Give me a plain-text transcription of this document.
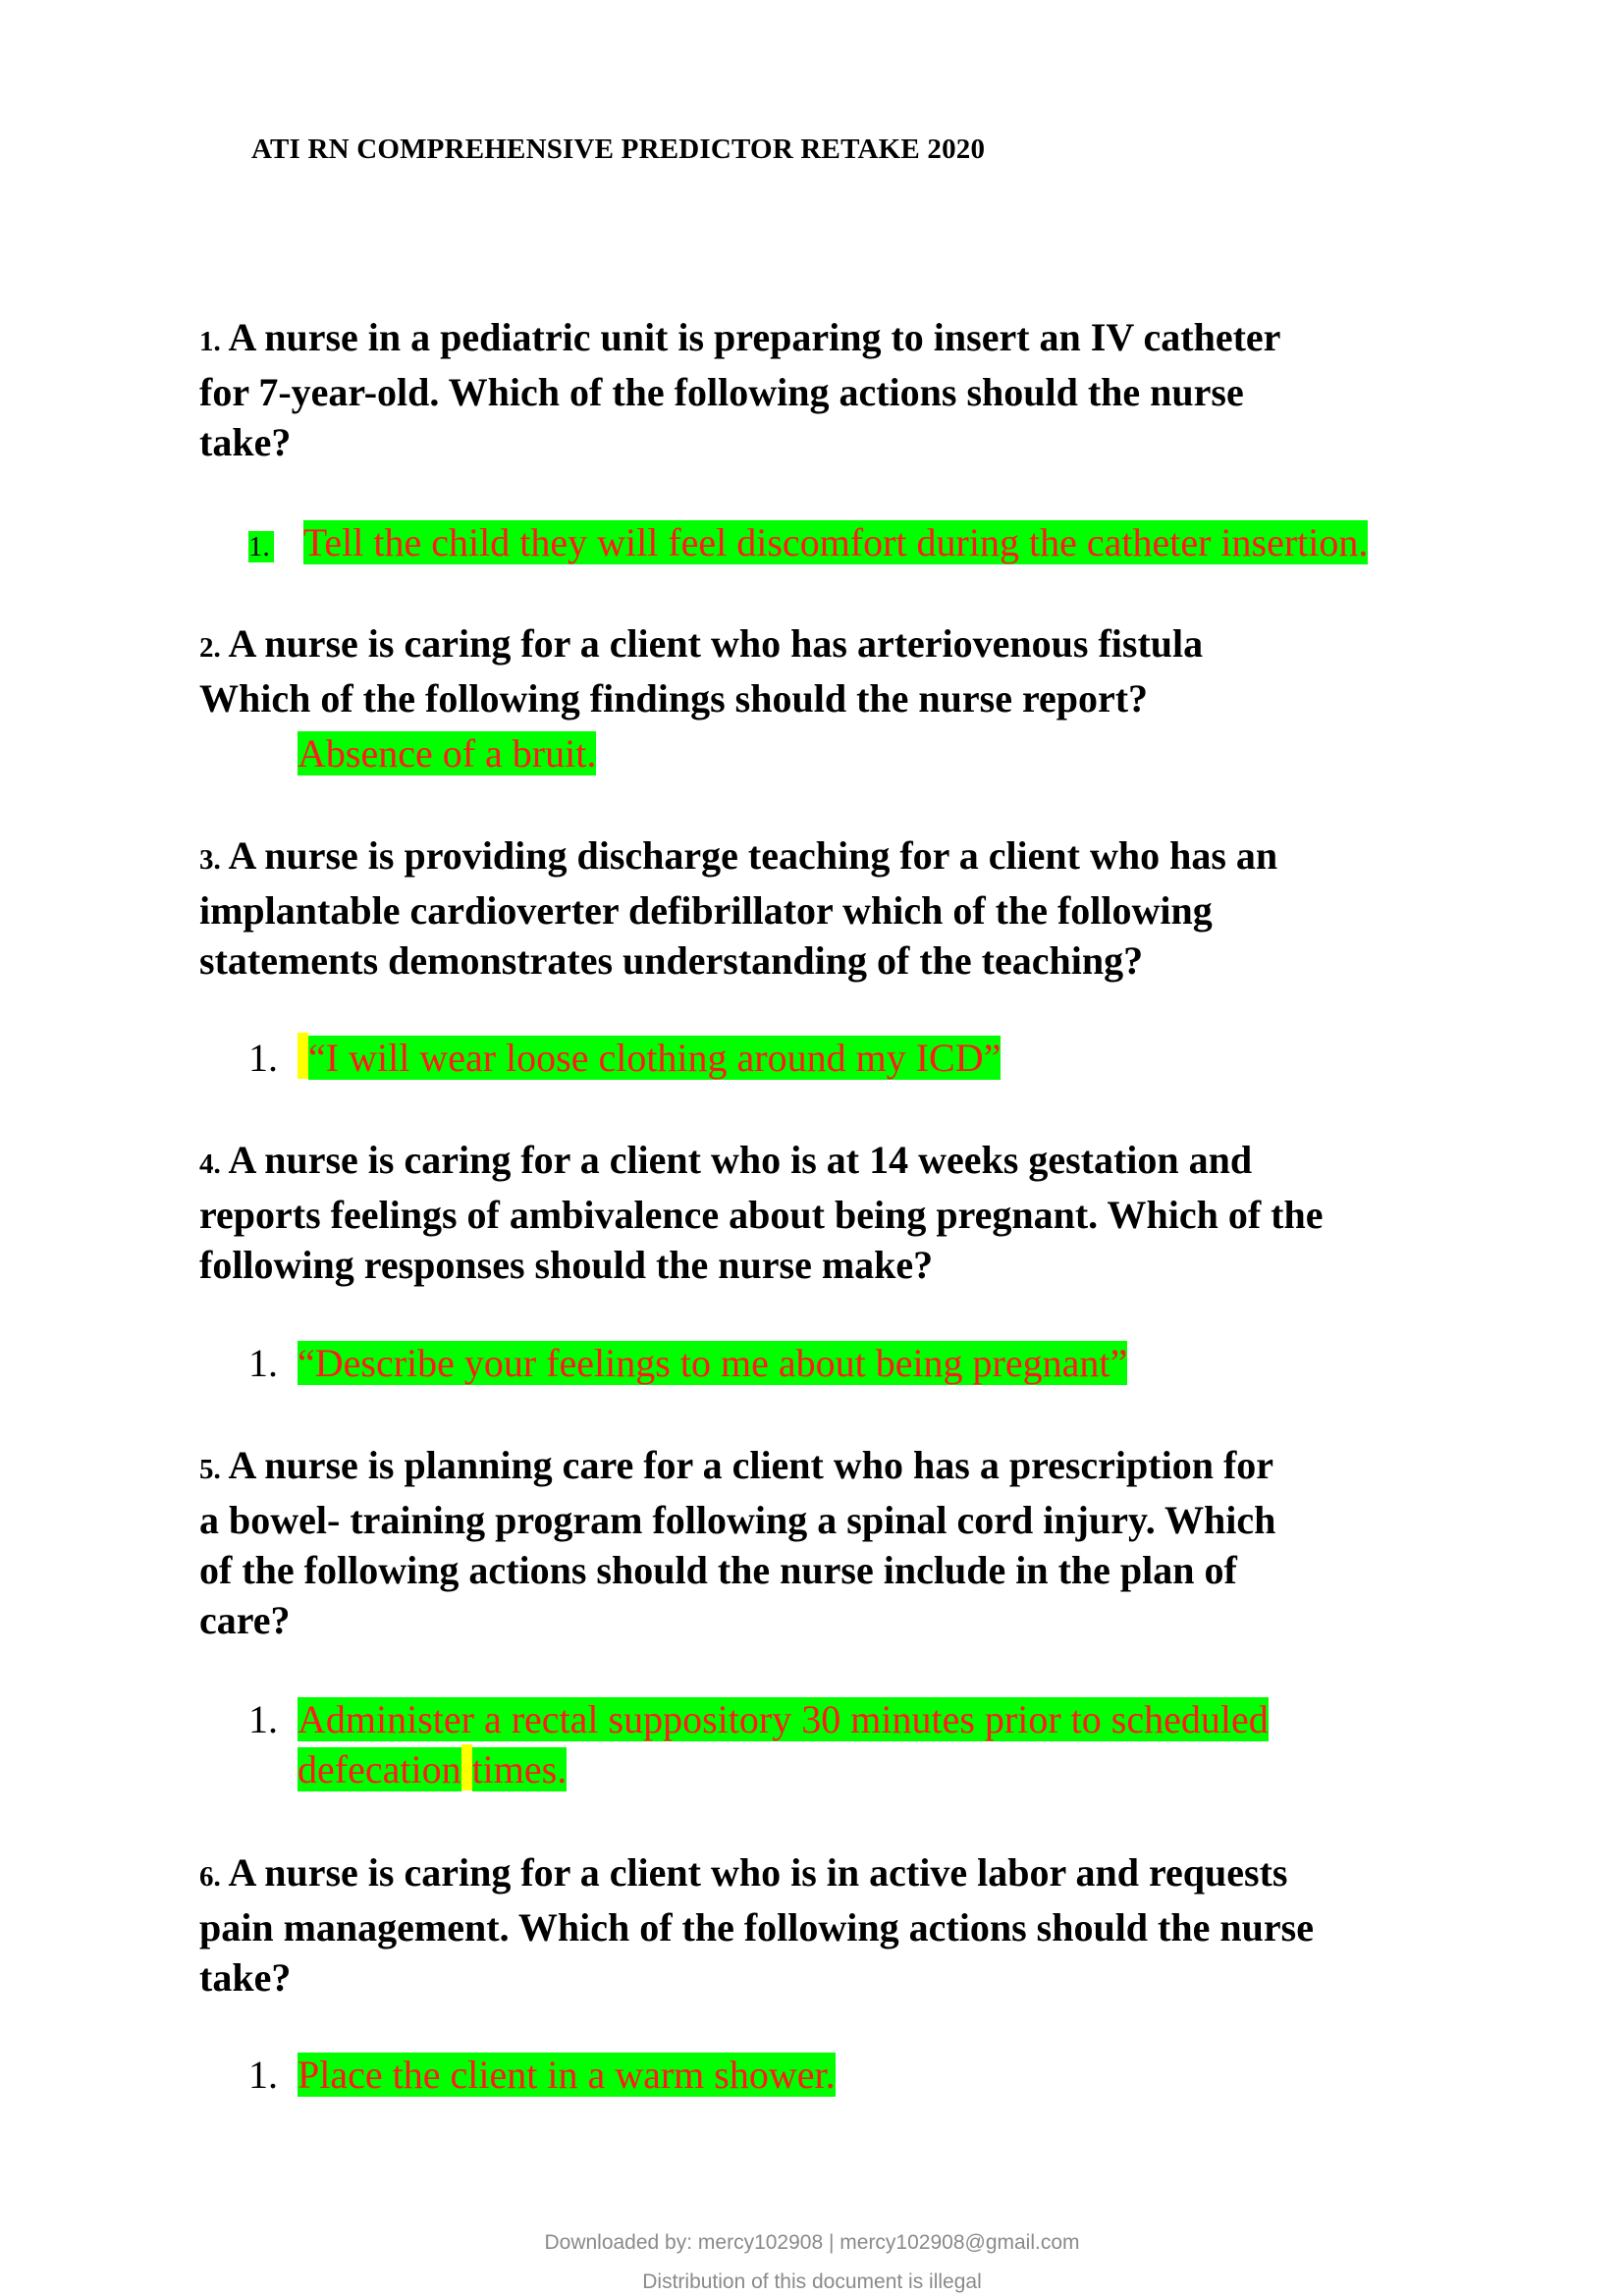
ATI RN COMPREHENSIVE PREDICTOR RETAKE 2020
1. A nurse in a pediatric unit is preparing to insert an IV catheter
for 7-year-old. Which of the following actions should the nurse
take?
1. Tell the child they will feel discomfort during the catheter insertion.
2. A nurse is caring for a client who has arteriovenous fistula
Which of the following findings should the nurse report?
Absence of a bruit.
3. A nurse is providing discharge teaching for a client who has an
implantable cardioverter defibrillator which of the following
statements demonstrates understanding of the teaching?
1. “I will wear loose clothing around my ICD”
4. A nurse is caring for a client who is at 14 weeks gestation and
reports feelings of ambivalence about being pregnant. Which of the
following responses should the nurse make?
1. “Describe your feelings to me about being pregnant”
5. A nurse is planning care for a client who has a prescription for
a bowel- training program following a spinal cord injury. Which
of the following actions should the nurse include in the plan of
care?
1. Administer a rectal suppository 30 minutes prior to scheduled
defecation times.
6. A nurse is caring for a client who is in active labor and requests
pain management. Which of the following actions should the nurse
take?
1. Place the client in a warm shower.
Downloaded by: mercy102908 | mercy102908@gmail.com
Distribution of this document is illegal
